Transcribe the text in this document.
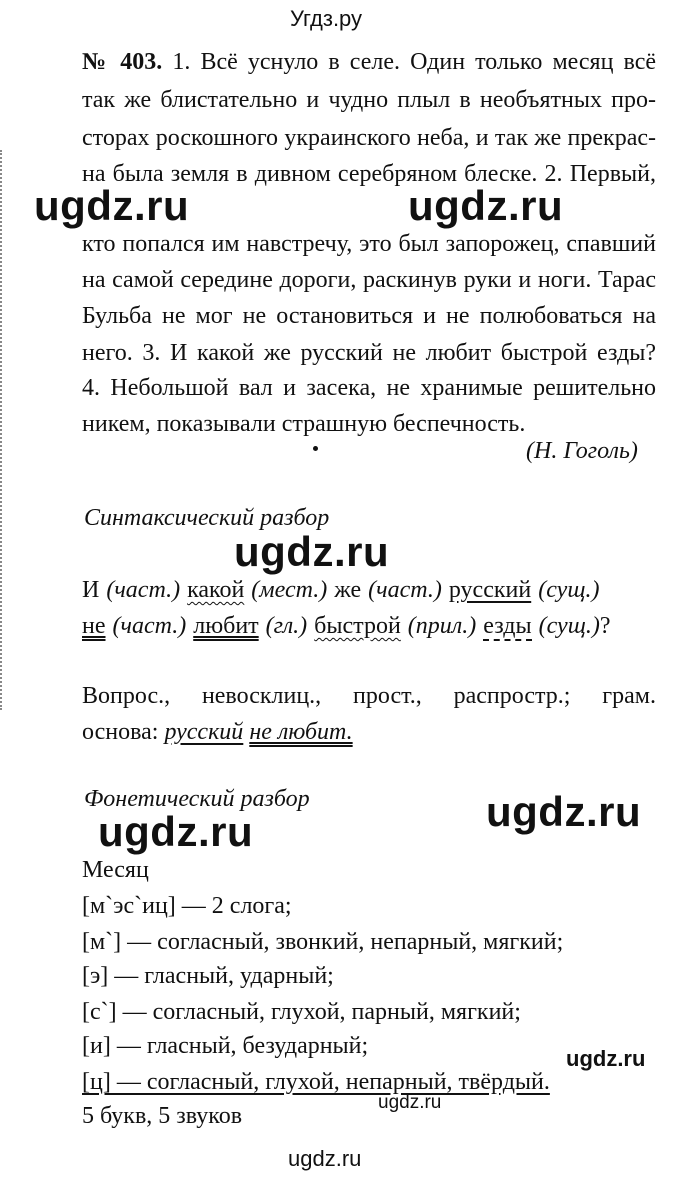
Угдз.ру
№ 403. 1. Всё уснуло в селе. Один только месяц всё
так же блистательно и чудно плыл в необъятных про-
сторах роскошного украинского неба, и так же прекрас-
на была земля в дивном серебряном блеске. 2. Первый,
кто попался им навстречу, это был запорожец, спавший
на самой середине дороги, раскинув руки и ноги. Тарас
Бульба не мог не остановиться и не полюбоваться на
него. 3. И какой же русский не любит быстрой езды?
4. Небольшой вал и засека, не хранимые решительно
никем, показывали страшную беспечность.
(Н. Гоголь)
ugdz.ru	ugdz.ru
Синтаксический разбор
ugdz.ru
И (част.) какой (мест.) же (част.) русский (сущ.)
не (част.) любит (гл.) быстрой (прил.) езды (сущ.)?
Вопрос., невосклиц., прост., распростр.; грам.
основа: русский не любит.
Фонетический разбор	ugdz.ru
ugdz.ru
Месяц
[м`эс`иц] — 2 слога;
[м`] — согласный, звонкий, непарный, мягкий;
[э] — гласный, ударный;
[с`] — согласный, глухой, парный, мягкий;
[и] — гласный, безударный;	ugdz.ru
[ц] — согласный, глухой, непарный, твёрдый.
ugdz.ru
5 букв, 5 звуков
ugdz.ru
